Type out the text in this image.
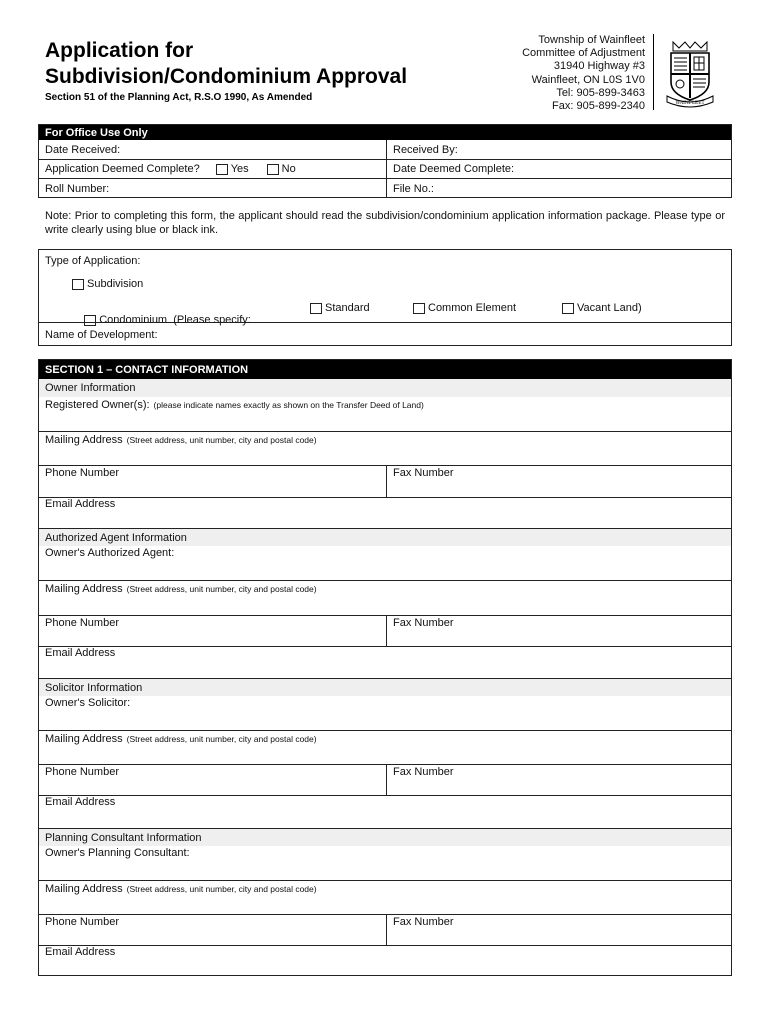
Application for
Subdivision/Condominium Approval
Section 51 of the Planning Act, R.S.O 1990, As Amended
Township of Wainfleet
Committee of Adjustment
31940 Highway #3
Wainfleet, ON L0S 1V0
Tel: 905-899-3463
Fax: 905-899-2340	WAINFLEET
For Office Use Only
Date Received:	Received By:
Application Deemed Complete?	Yes	No	Date Deemed Complete:
Roll Number:	File No.:
Note: Prior to completing this form, the applicant should read the subdivision/condominium application information package. Please type or write clearly using blue or black ink.
Type of Application:
Subdivision

Condominium  (Please specify:

Standard	Common Element	Vacant Land)
Name of Development:
SECTION 1 – CONTACT INFORMATION
Owner Information
Registered Owner(s): (please indicate names exactly as shown on the Transfer Deed of Land)
Mailing Address (Street address, unit number, city and postal code)
Phone Number	Fax Number
Email Address
Authorized Agent Information
Owner's Authorized Agent:
Mailing Address (Street address, unit number, city and postal code)
Phone Number	Fax Number
Email Address
Solicitor Information
Owner's Solicitor:
Mailing Address (Street address, unit number, city and postal code)
Phone Number	Fax Number
Email Address
Planning Consultant Information
Owner's Planning Consultant:
Mailing Address (Street address, unit number, city and postal code)
Phone Number	Fax Number
Email Address
